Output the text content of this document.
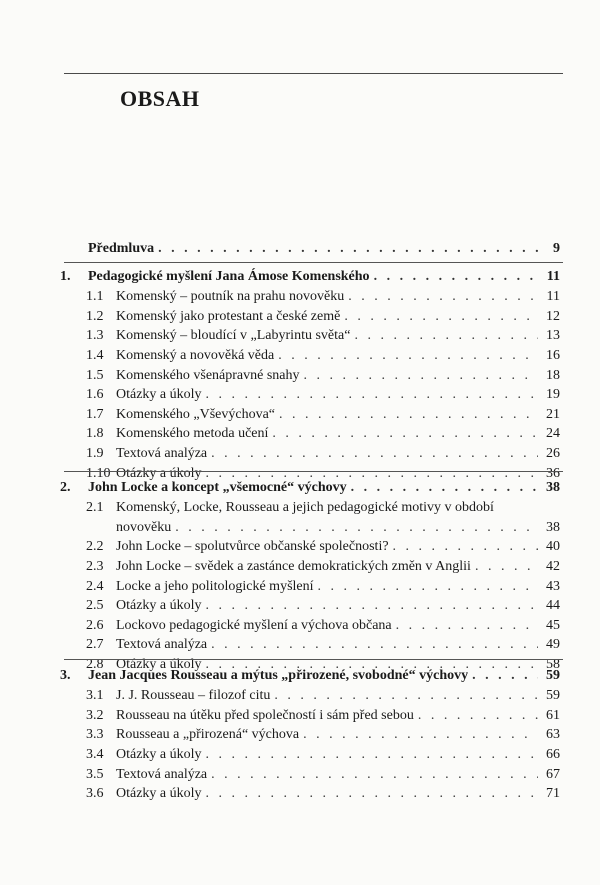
OBSAH
Předmluva . . .	9
1.	Pedagogické myšlení Jana Ámose Komenského . . .	11
1.1 Komenský – poutník na prahu novověku . . .	11
1.2 Komenský jako protestant a české země . . .	12
1.3 Komenský – bloudící v „Labyrintu světa“ . . .	13
1.4 Komenský a novověká věda . . .	16
1.5 Komenského všenápravné snahy . . .	18
1.6 Otázky a úkoly . . .	19
1.7 Komenského „Vševýchova“ . . .	21
1.8 Komenského metoda učení . . .	24
1.9 Textová analýza . . .	26
1.10 Otázky a úkoly . . .	36
2.	John Locke a koncept „všemocné“ výchovy . . .	38
2.1 Komenský, Locke, Rousseau a jejich pedagogické motivy v období
novověku . . .	38
2.2 John Locke – spolutvůrce občanské společnosti? . . .	40
2.3 John Locke – svědek a zastánce demokratických změn v Anglii . . .	42
2.4 Locke a jeho politologické myšlení . . .	43
2.5 Otázky a úkoly . . .	44
2.6 Lockovo pedagogické myšlení a výchova občana . . .	45
2.7 Textová analýza . . .	49
2.8 Otázky a úkoly . . .	58
3.	Jean Jacques Rousseau a mýtus „přirozené, svobodné“ výchovy . . .	59
3.1 J. J. Rousseau – filozof citu . . .	59
3.2 Rousseau na útěku před společností i sám před sebou . . .	61
3.3 Rousseau a „přirozená“ výchova . . .	63
3.4 Otázky a úkoly . . .	66
3.5 Textová analýza . . .	67
3.6 Otázky a úkoly . . .	71
